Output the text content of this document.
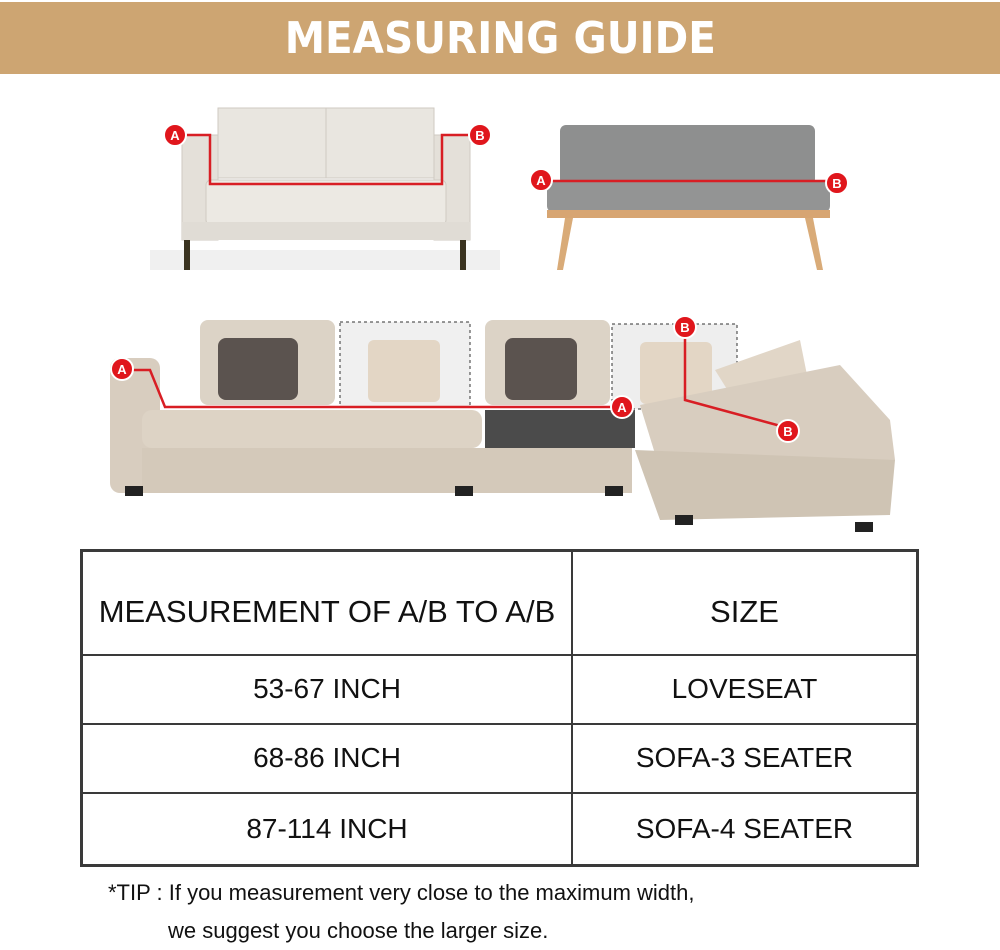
MEASURING GUIDE
A	B
A	B
A
A
B
B
MEASUREMENT OF A/B TO A/B	SIZE
53-67 INCH	LOVESEAT
68-86 INCH	SOFA-3 SEATER
87-114 INCH	SOFA-4 SEATER
*TIP : If you measurement very close to the maximum width,
we suggest you choose the larger size.
